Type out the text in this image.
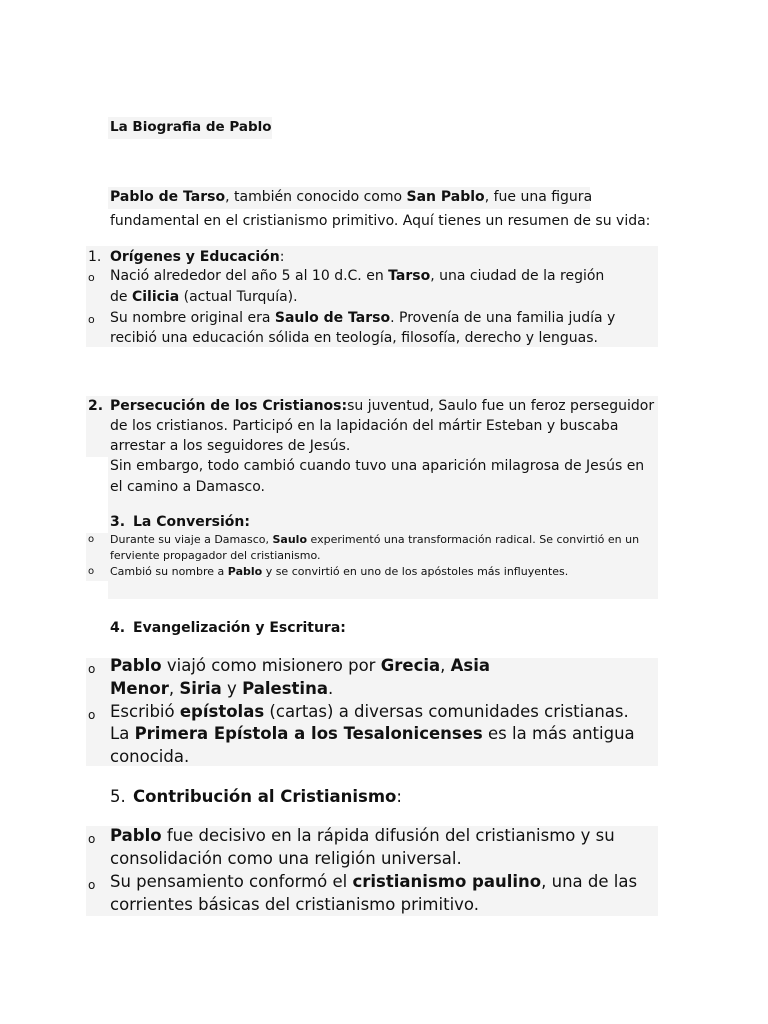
La Biografia de Pablo
Pablo de Tarso, también conocido como San Pablo, fue una figura
fundamental en el cristianismo primitivo. Aquí tienes un resumen de su vida:
1. Orígenes y Educación:
o Nació alrededor del año 5 al 10 d.C. en Tarso, una ciudad de la región
de Cilicia (actual Turquía).
o Su nombre original era Saulo de Tarso. Provenía de una familia judía y
recibió una educación sólida en teología, filosofía, derecho y lenguas.
2. Persecución de los Cristianos:su juventud, Saulo fue un feroz perseguidor
de los cristianos. Participó en la lapidación del mártir Esteban y buscaba
arrestar a los seguidores de Jesús.
Sin embargo, todo cambió cuando tuvo una aparición milagrosa de Jesús en
el camino a Damasco.
3. La Conversión:
o Durante su viaje a Damasco, Saulo experimentó una transformación radical. Se convirtió en un
ferviente propagador del cristianismo.
o Cambió su nombre a Pablo y se convirtió en uno de los apóstoles más influyentes.
4. Evangelización y Escritura:
o Pablo viajó como misionero por Grecia, Asia
Menor, Siria y Palestina.
o Escribió epístolas (cartas) a diversas comunidades cristianas.
La Primera Epístola a los Tesalonicenses es la más antigua
conocida.
5. Contribución al Cristianismo:
o Pablo fue decisivo en la rápida difusión del cristianismo y su
consolidación como una religión universal.
o Su pensamiento conformó el cristianismo paulino, una de las
corrientes básicas del cristianismo primitivo.
